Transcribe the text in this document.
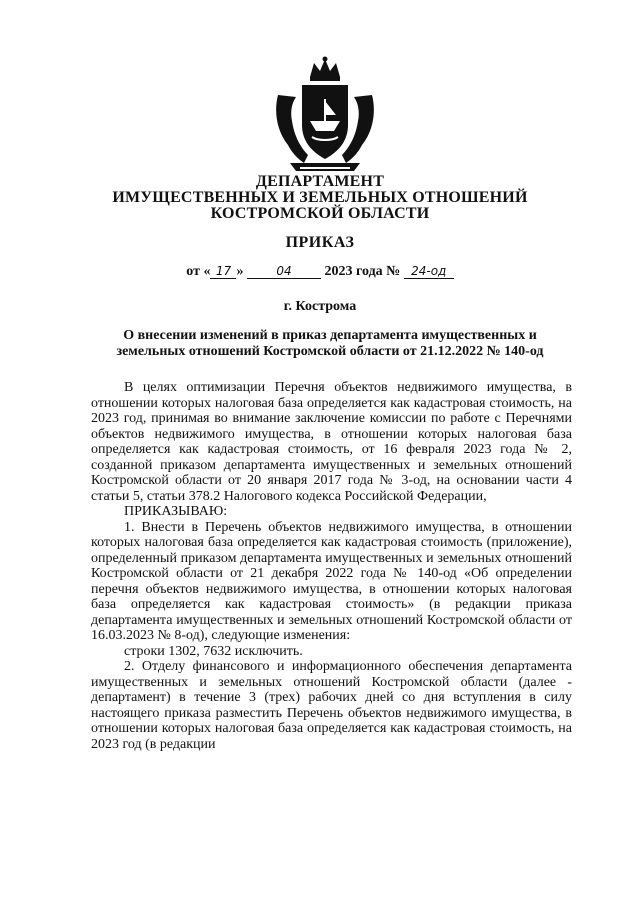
ДЕПАРТАМЕНТ
ИМУЩЕСТВЕННЫХ И ЗЕМЕЛЬНЫХ ОТНОШЕНИЙ
КОСТРОМСКОЙ ОБЛАСТИ
ПРИКАЗ
от « 17 »	04 2023 года № 24-од
г. Кострома
О внесении изменений в приказ департамента имущественных и
земельных отношений Костромской области от 21.12.2022 № 140-од

В целях оптимизации Перечня объектов недвижимого имущества, в отношении которых налоговая база определяется как кадастровая стоимость, на 2023 год, принимая во внимание заключение комиссии по работе с Перечнями объектов недвижимого имущества, в отношении которых налоговая база определяется как кадастровая стоимость, от 16 февраля 2023 года № 2, созданной приказом департамента имущественных и земельных отношений Костромской области от 20 января 2017 года № 3-од, на основании части 4 статьи 5, статьи 378.2 Налогового кодекса Российской Федерации,

ПРИКАЗЫВАЮ:

1. Внести в Перечень объектов недвижимого имущества, в отношении которых налоговая база определяется как кадастровая стоимость (приложение), определенный приказом департамента имущественных и земельных отношений Костромской области от 21 декабря 2022 года № 140-од «Об определении перечня объектов недвижимого имущества, в отношении которых налоговая база определяется как кадастровая стоимость» (в редакции приказа департамента имущественных и земельных отношений Костромской области от 16.03.2023 № 8-од), следующие изменения:

строки 1302, 7632 исключить.

2. Отделу финансового и информационного обеспечения департамента имущественных и земельных отношений Костромской области (далее - департамент) в течение 3 (трех) рабочих дней со дня вступления в силу настоящего приказа разместить Перечень объектов недвижимого имущества, в отношении которых налоговая база определяется как кадастровая стоимость, на 2023 год (в редакции
